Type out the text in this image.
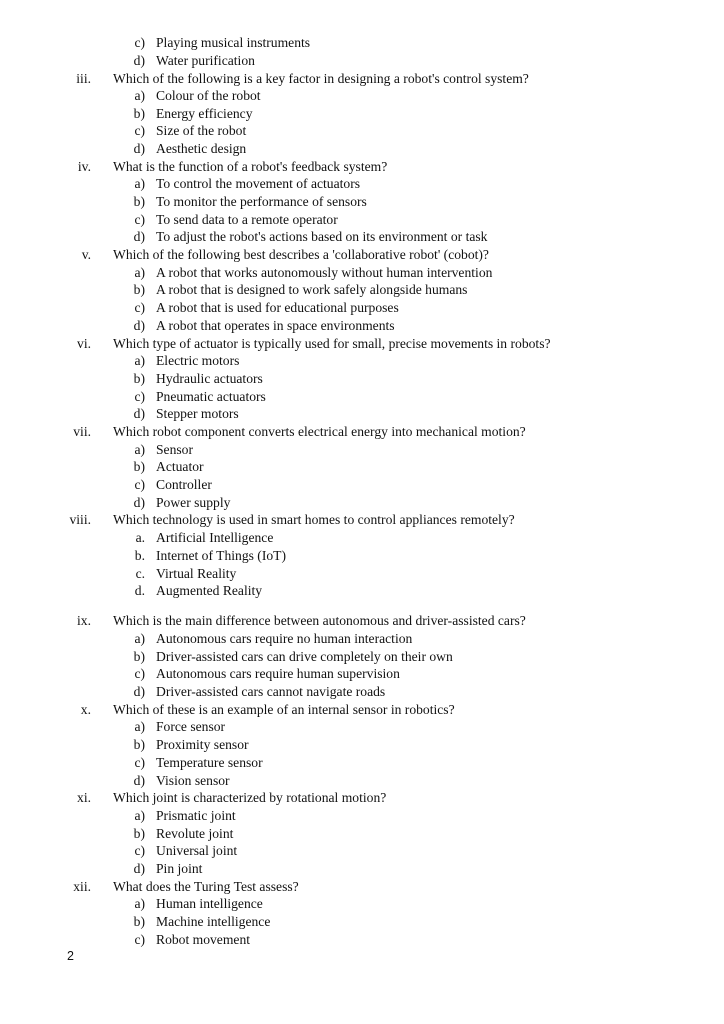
c) Playing musical instruments
d) Water purification
iii. Which of the following is a key factor in designing a robot's control system?
a) Colour of the robot
b) Energy efficiency
c) Size of the robot
d) Aesthetic design
iv. What is the function of a robot's feedback system?
a) To control the movement of actuators
b) To monitor the performance of sensors
c) To send data to a remote operator
d) To adjust the robot's actions based on its environment or task
v. Which of the following best describes a 'collaborative robot' (cobot)?
a) A robot that works autonomously without human intervention
b) A robot that is designed to work safely alongside humans
c) A robot that is used for educational purposes
d) A robot that operates in space environments
vi. Which type of actuator is typically used for small, precise movements in robots?
a) Electric motors
b) Hydraulic actuators
c) Pneumatic actuators
d) Stepper motors
vii. Which robot component converts electrical energy into mechanical motion?
a) Sensor
b) Actuator
c) Controller
d) Power supply
viii. Which technology is used in smart homes to control appliances remotely?
a. Artificial Intelligence
b. Internet of Things (IoT)
c. Virtual Reality
d. Augmented Reality
ix. Which is the main difference between autonomous and driver-assisted cars?
a) Autonomous cars require no human interaction
b) Driver-assisted cars can drive completely on their own
c) Autonomous cars require human supervision
d) Driver-assisted cars cannot navigate roads
x. Which of these is an example of an internal sensor in robotics?
a) Force sensor
b) Proximity sensor
c) Temperature sensor
d) Vision sensor
xi. Which joint is characterized by rotational motion?
a) Prismatic joint
b) Revolute joint
c) Universal joint
d) Pin joint
xii. What does the Turing Test assess?
a) Human intelligence
b) Machine intelligence
c) Robot movement
2
